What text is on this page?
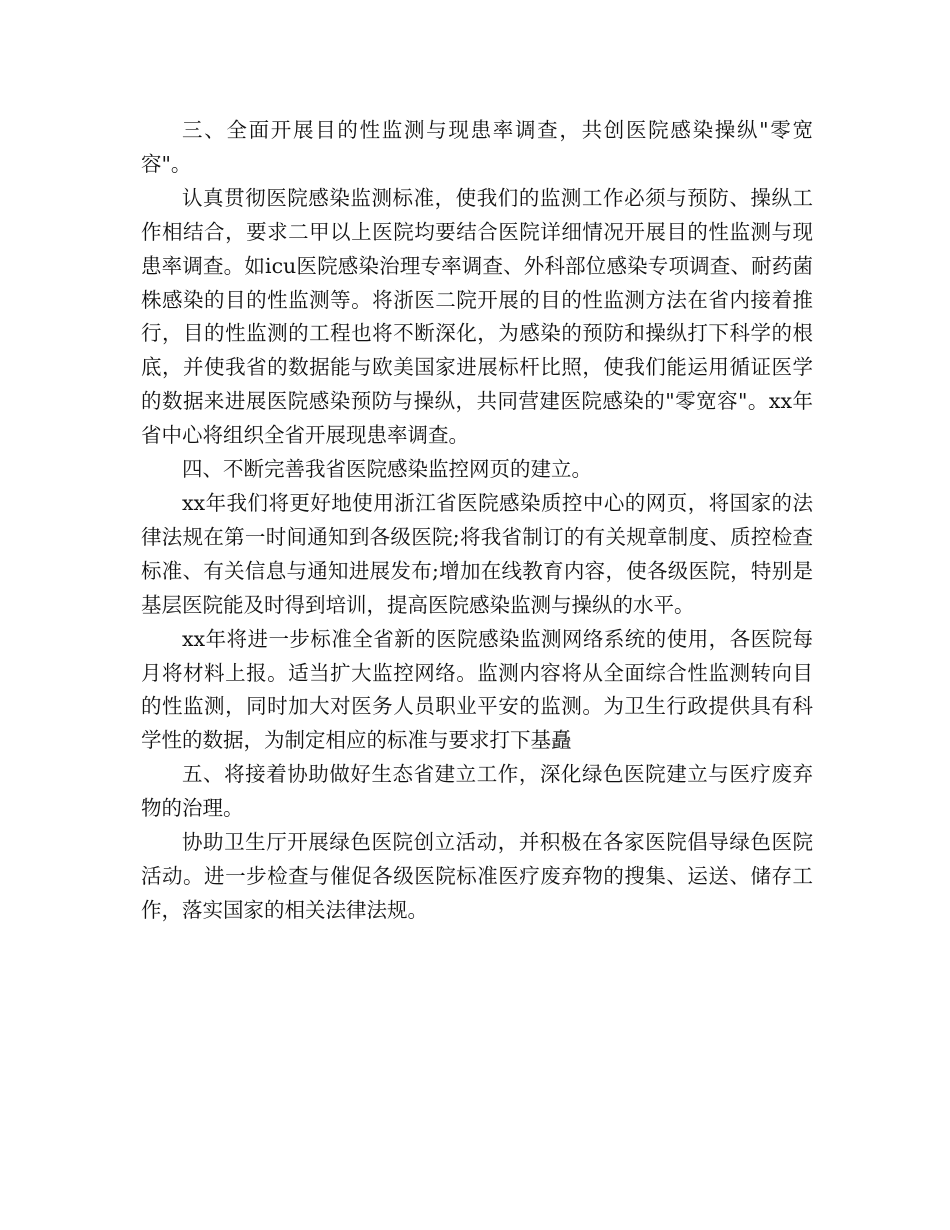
三、全面开展目的性监测与现患率调查，共创医院感染操纵"零宽容"。

认真贯彻医院感染监测标准，使我们的监测工作必须与预防、操纵工作相结合，要求二甲以上医院均要结合医院详细情况开展目的性监测与现患率调查。如icu医院感染治理专率调查、外科部位感染专项调查、耐药菌株感染的目的性监测等。将浙医二院开展的目的性监测方法在省内接着推行，目的性监测的工程也将不断深化，为感染的预防和操纵打下科学的根底，并使我省的数据能与欧美国家进展标杆比照，使我们能运用循证医学的数据来进展医院感染预防与操纵，共同营建医院感染的"零宽容"。xx年省中心将组织全省开展现患率调查。

四、不断完善我省医院感染监控网页的建立。

xx年我们将更好地使用浙江省医院感染质控中心的网页，将国家的法律法规在第一时间通知到各级医院;将我省制订的有关规章制度、质控检查标准、有关信息与通知进展发布;增加在线教育内容，使各级医院，特别是基层医院能及时得到培训，提高医院感染监测与操纵的水平。

xx年将进一步标准全省新的医院感染监测网络系统的使用，各医院每月将材料上报。适当扩大监控网络。监测内容将从全面综合性监测转向目的性监测，同时加大对医务人员职业平安的监测。为卫生行政提供具有科学性的数据，为制定相应的标准与要求打下基矗

五、将接着协助做好生态省建立工作，深化绿色医院建立与医疗废弃物的治理。

协助卫生厅开展绿色医院创立活动，并积极在各家医院倡导绿色医院活动。进一步检查与催促各级医院标准医疗废弃物的搜集、运送、储存工作，落实国家的相关法律法规。
